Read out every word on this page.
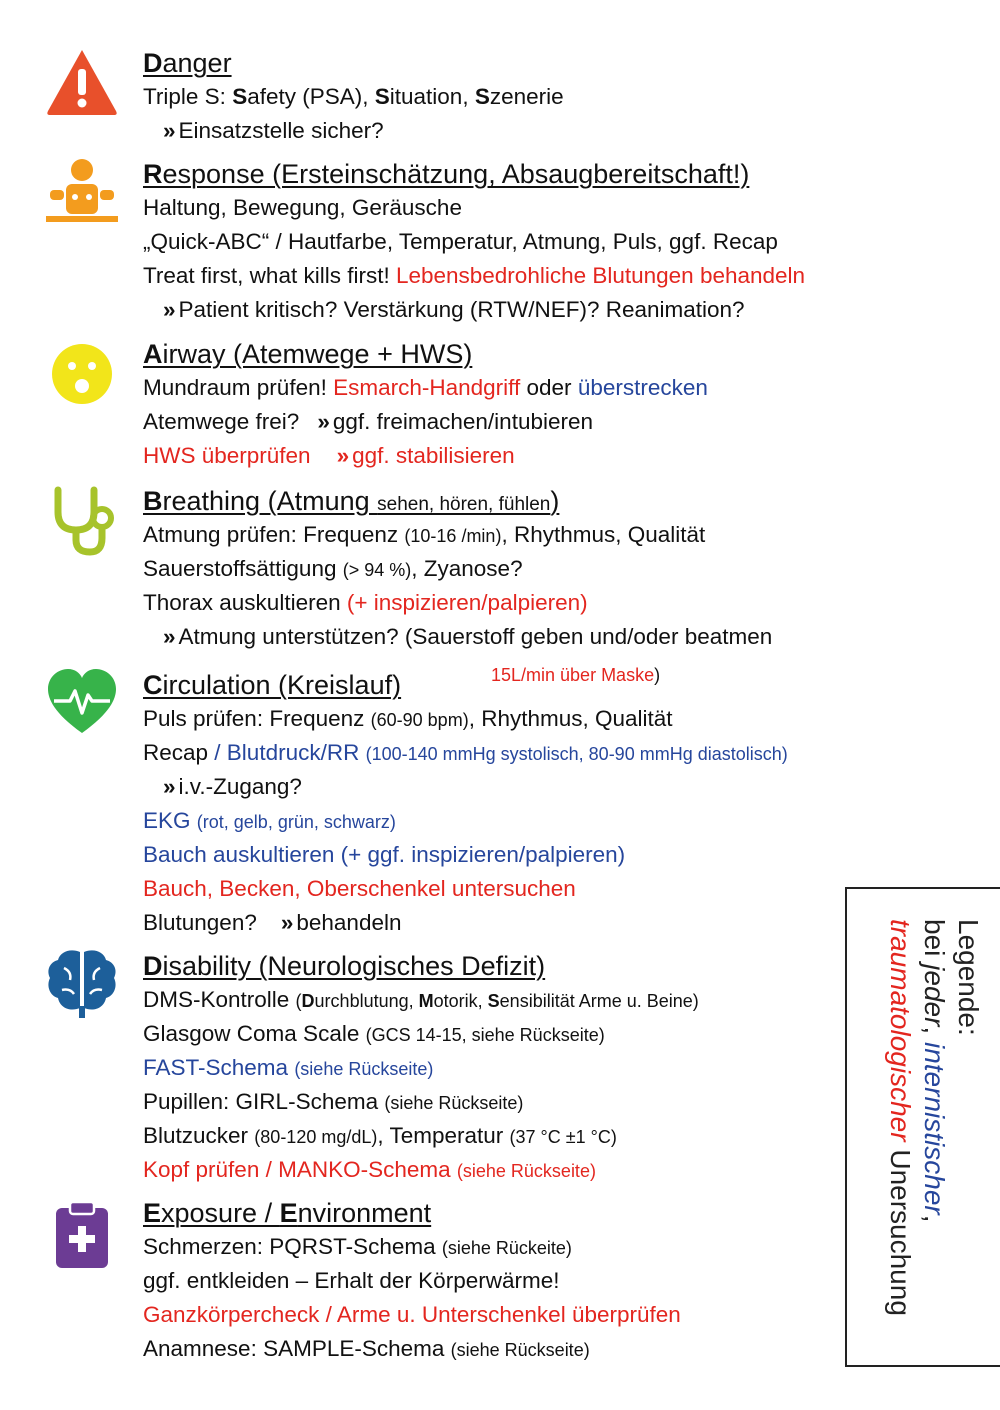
Danger
Triple S: Safety (PSA), Situation, Szenerie
» Einsatzstelle sicher?
Response (Ersteinschätzung, Absaugbereitschaft!)
Haltung, Bewegung, Geräusche
„Quick-ABC“ / Hautfarbe, Temperatur, Atmung, Puls, ggf. Recap
Treat first, what kills first! Lebensbedrohliche Blutungen behandeln
» Patient kritisch? Verstärkung (RTW/NEF)? Reanimation?
Airway (Atemwege + HWS)
Mundraum prüfen! Esmarch-Handgriff oder überstrecken
Atemwege frei? » ggf. freimachen/intubieren
HWS überprüfen » ggf. stabilisieren
Breathing (Atmung sehen, hören, fühlen)
Atmung prüfen: Frequenz (10-16 /min), Rhythmus, Qualität
Sauerstoffsättigung (> 94 %), Zyanose?
Thorax auskultieren (+ inspizieren/palpieren)
» Atmung unterstützen? (Sauerstoff geben und/oder beatmen
15L/min über Maske)
Circulation (Kreislauf)
Puls prüfen: Frequenz (60-90 bpm), Rhythmus, Qualität
Recap / Blutdruck/RR (100-140 mmHg systolisch, 80-90 mmHg diastolisch)
» i.v.-Zugang?
EKG (rot, gelb, grün, schwarz)
Bauch auskultieren (+ ggf. inspizieren/palpieren)
Bauch, Becken, Oberschenkel untersuchen
Blutungen? » behandeln
Disability (Neurologisches Defizit)
DMS-Kontrolle (Durchblutung, Motorik, Sensibilität Arme u. Beine)
Glasgow Coma Scale (GCS 14-15, siehe Rückseite)
FAST-Schema (siehe Rückseite)
Pupillen: GIRL-Schema (siehe Rückseite)
Blutzucker (80-120 mg/dL), Temperatur (37 °C ±1 °C)
Kopf prüfen / MANKO-Schema (siehe Rückseite)
Exposure / Environment
Schmerzen: PQRST-Schema (siehe Rückeite)
ggf. entkleiden – Erhalt der Körperwärme!
Ganzkörpercheck / Arme u. Unterschenkel überprüfen
Anamnese: SAMPLE-Schema (siehe Rückseite)
Legende:
bei jeder, internistischer,
traumatologischer Unersuchung
